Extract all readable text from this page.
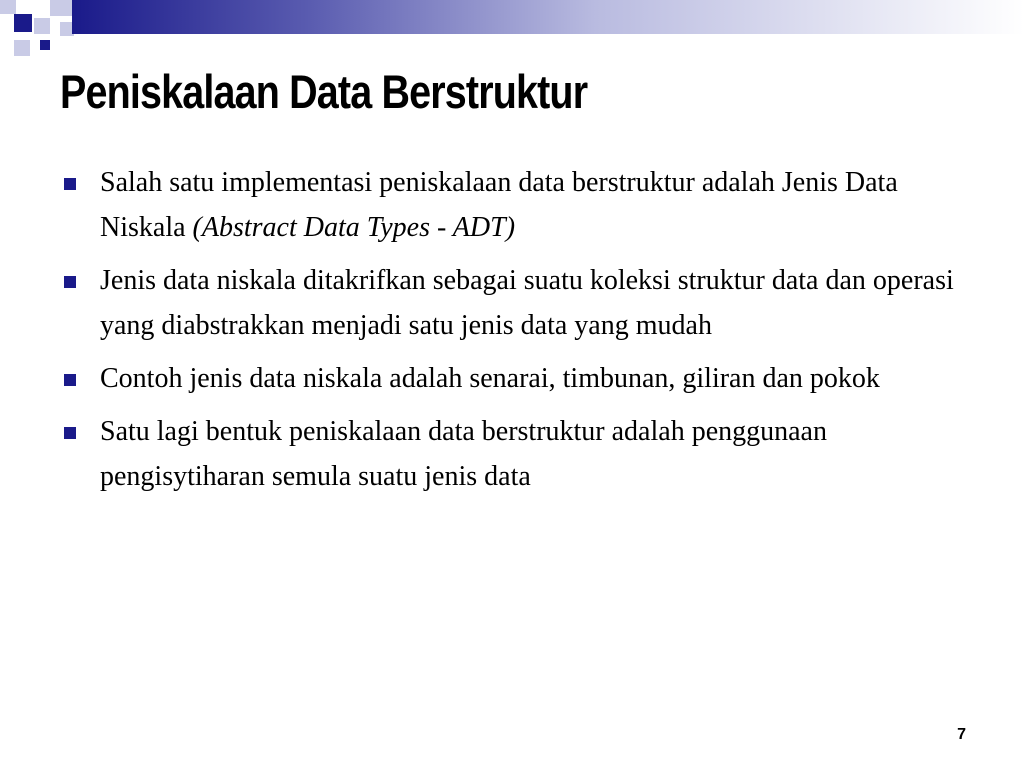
Peniskalaan Data Berstruktur
Salah satu implementasi peniskalaan data berstruktur adalah Jenis Data Niskala (Abstract Data Types - ADT)
Jenis data niskala ditakrifkan sebagai suatu koleksi struktur data dan operasi yang diabstrakkan menjadi satu jenis data yang mudah
Contoh jenis data niskala adalah senarai, timbunan, giliran dan pokok
Satu lagi bentuk peniskalaan data berstruktur adalah penggunaan pengisytiharan semula suatu jenis data
7
